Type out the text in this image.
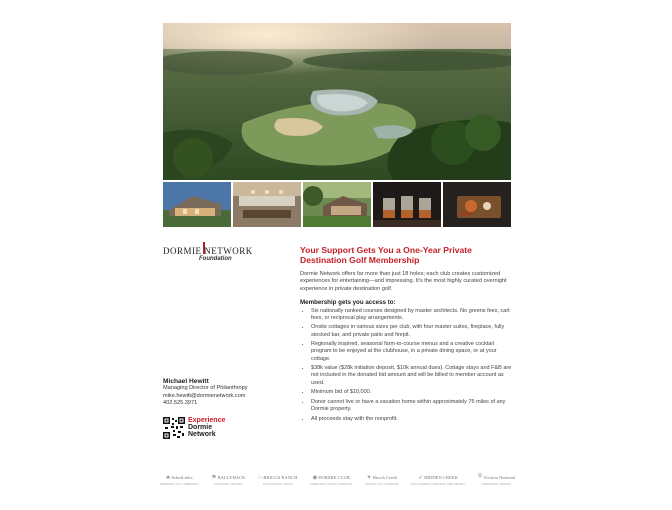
DORMIE NETWORK
Foundation

Your Support Gets You a One-Year Private Destination Golf Membership

Dormie Network offers far more than just 18 holes; each club creates customized experiences for entertaining—and impressing. It's the most highly curated overnight experience in private destination golf.

Membership gets you access to:

• Six nationally ranked courses designed by master architects. No greens fees, cart fees, or reciprocal play arrangements.
• Onsite cottages in various sizes per club, with four master suites, fireplace, fully stocked bar, and private patio and firepit.
• Regionally inspired, seasonal farm-to-course menus and a creative cocktail program to be enjoyed at the clubhouse, in a private dining space, or at your cottage.
• $38k value ($28k initiation deposit, $10k annual dues). Cottage stays and F&B are not included in the donated bid amount and will be billed to member account as used.
• Minimum bid of $10,000.
• Donor cannot live or have a vacation home within approximately 75 miles of any Dormie property.
• All proceeds stay with the nonprofit.
Michael Hewitt
Managing Director of Philanthropy
mike.hewitt@dormienetwork.com
402.525.3971
Experience
Dormie
Network
♣ ArborLinks
NEBRASKA CITY, NEBRASKA
⚑ BALLYHACK
ROANOKE, VIRGINIA
∩ BRIGGS RANCH
SAN ANTONIO, TEXAS
◆ DORMIE CLUB
PINEHURST, NORTH CAROLINA
✦ Hirsch Creek
KANSAS CITY, MISSOURI
➶ HIDDEN CREEK
EGG HARBOR TOWNSHIP, NEW JERSEY
⛨ Victoria National
NEWBURGH, INDIANA
